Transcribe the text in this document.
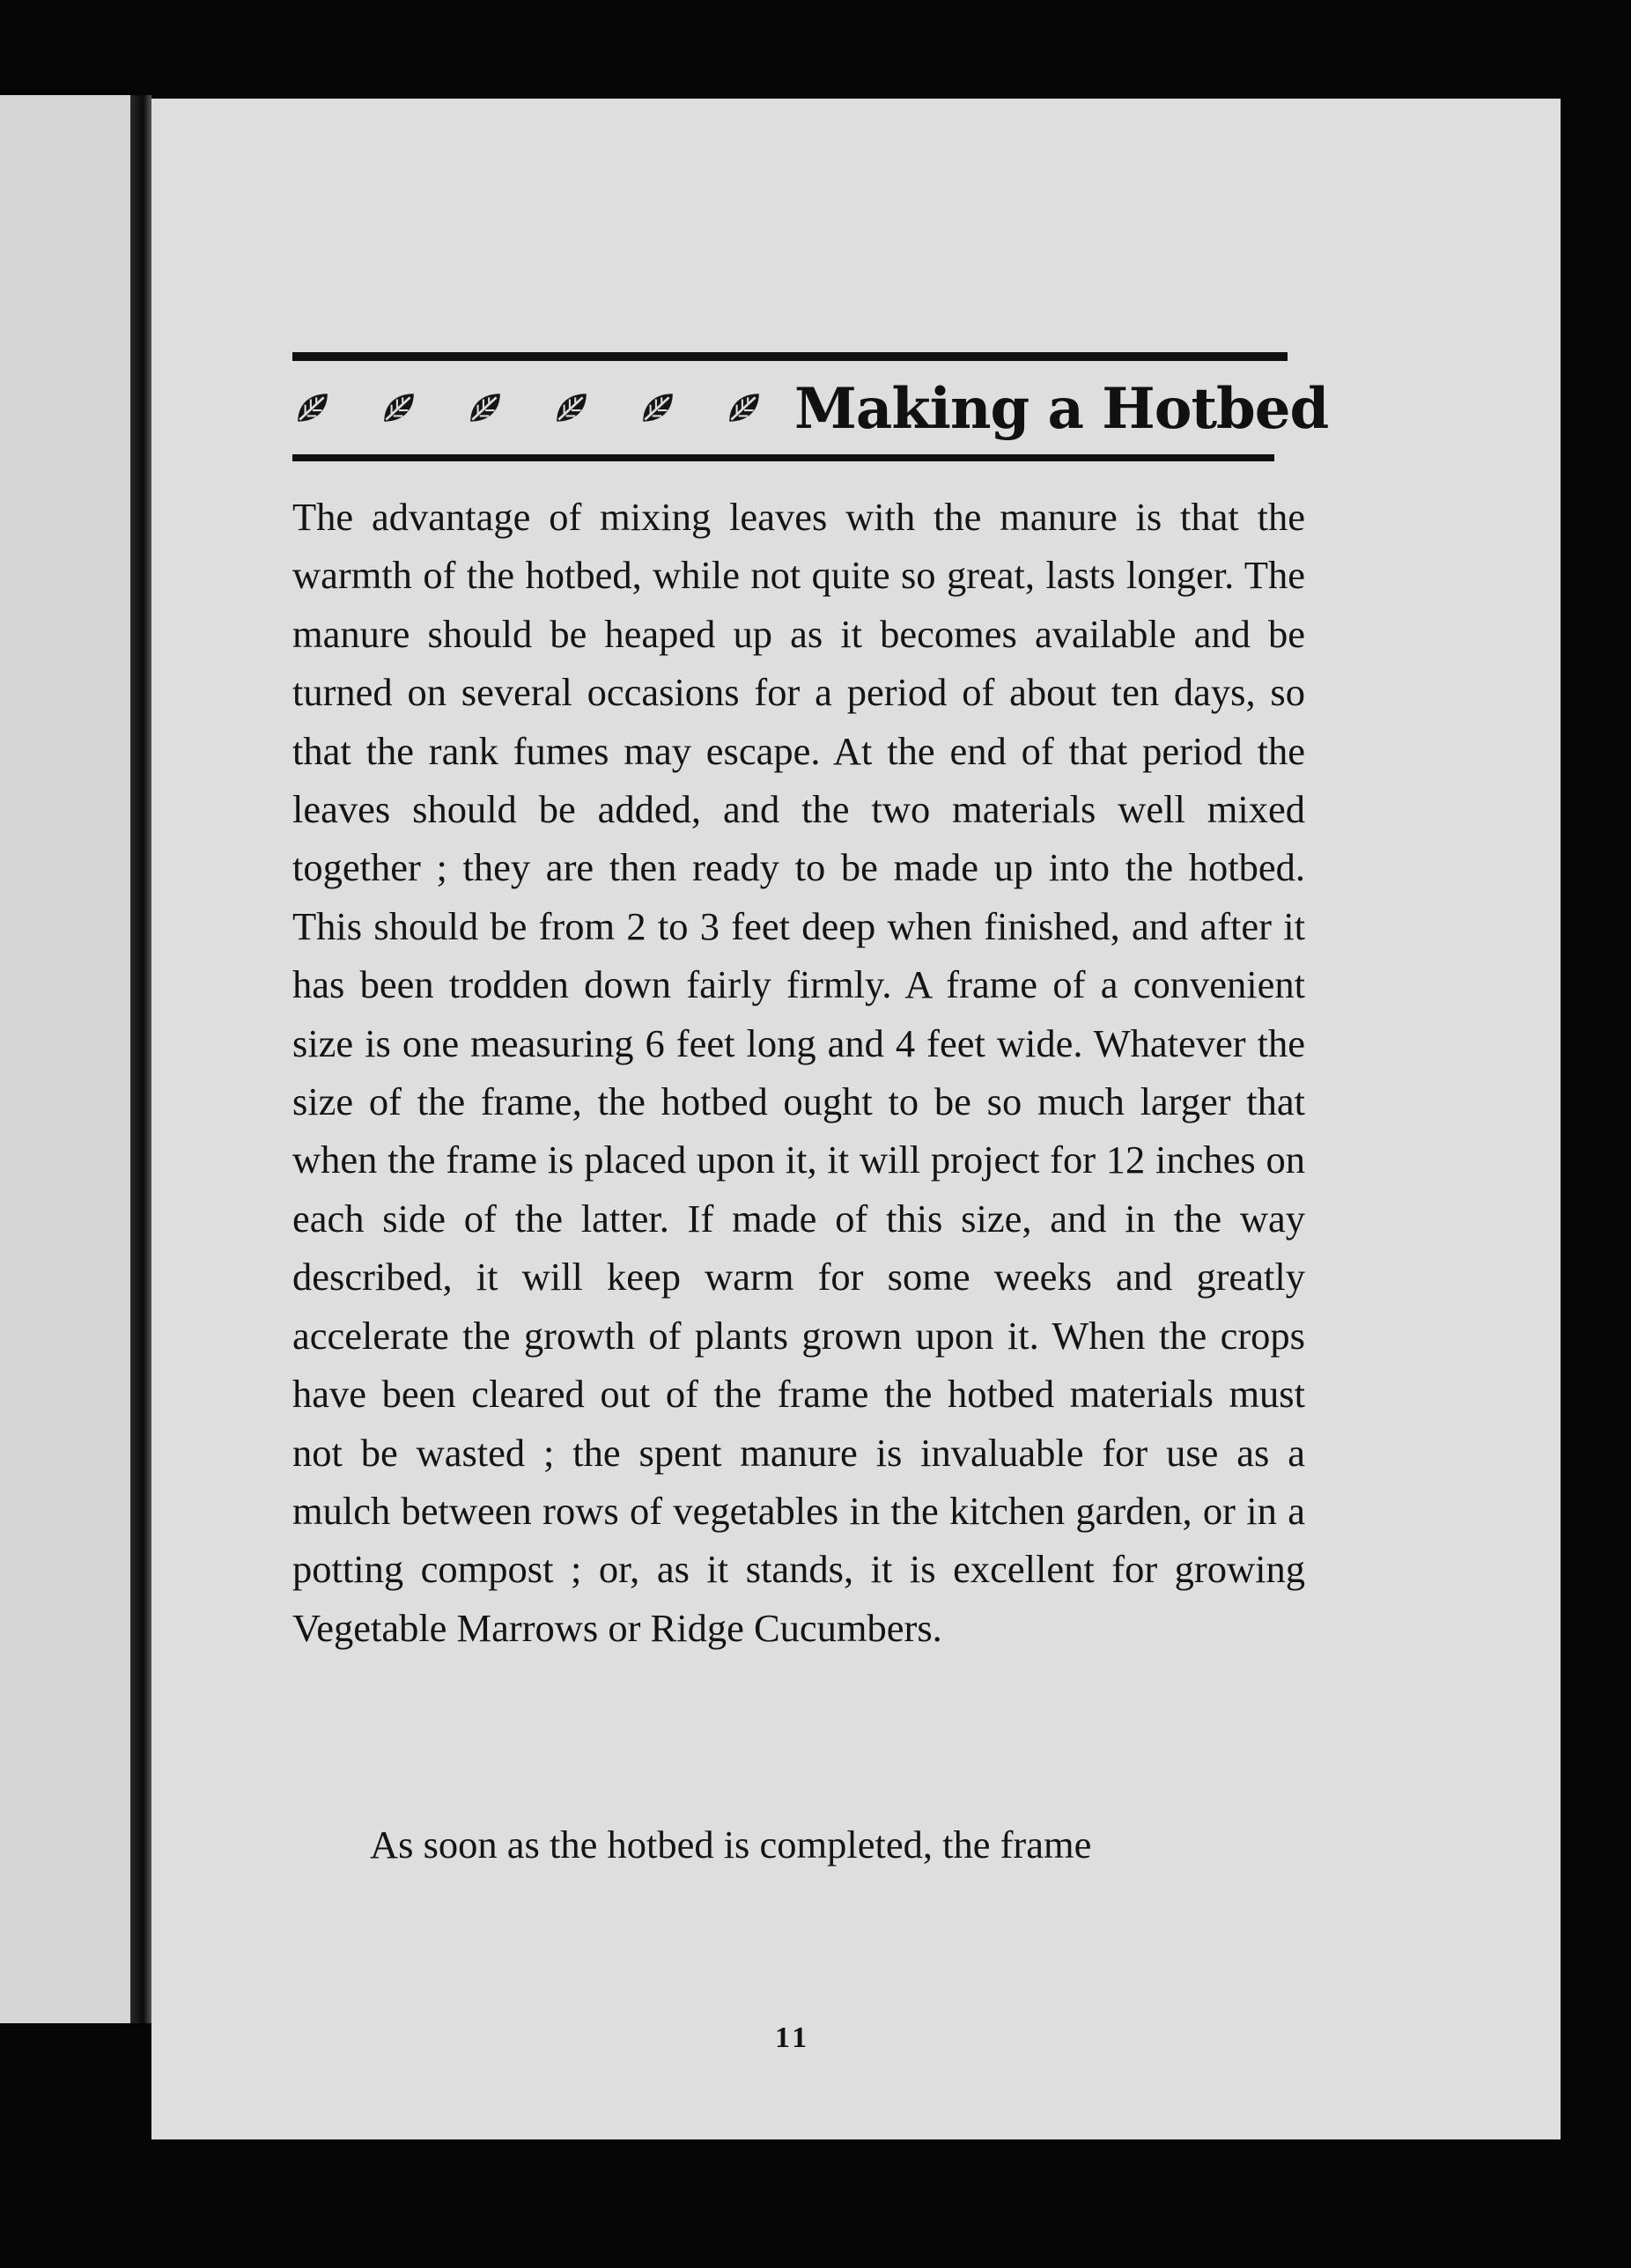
Making a Hotbed

The advantage of mixing leaves with the manure is that the warmth of the hotbed, while not quite so great, lasts longer. The manure should be heaped up as it becomes available and be turned on several occasions for a period of about ten days, so that the rank fumes may escape. At the end of that period the leaves should be added, and the two materials well mixed together ; they are then ready to be made up into the hotbed. This should be from 2 to 3 feet deep when finished, and after it has been trodden down fairly firmly. A frame of a convenient size is one measuring 6 feet long and 4 feet wide. Whatever the size of the frame, the hotbed ought to be so much larger that when the frame is placed upon it, it will project for 12 inches on each side of the latter. If made of this size, and in the way described, it will keep warm for some weeks and greatly accelerate the growth of plants grown upon it. When the crops have been cleared out of the frame the hotbed materials must not be wasted ; the spent manure is invaluable for use as a mulch between rows of vegetables in the kitchen garden, or in a potting compost ; or, as it stands, it is excellent for growing Vegetable Marrows or Ridge Cucumbers.

As soon as the hotbed is completed, the frame

11
